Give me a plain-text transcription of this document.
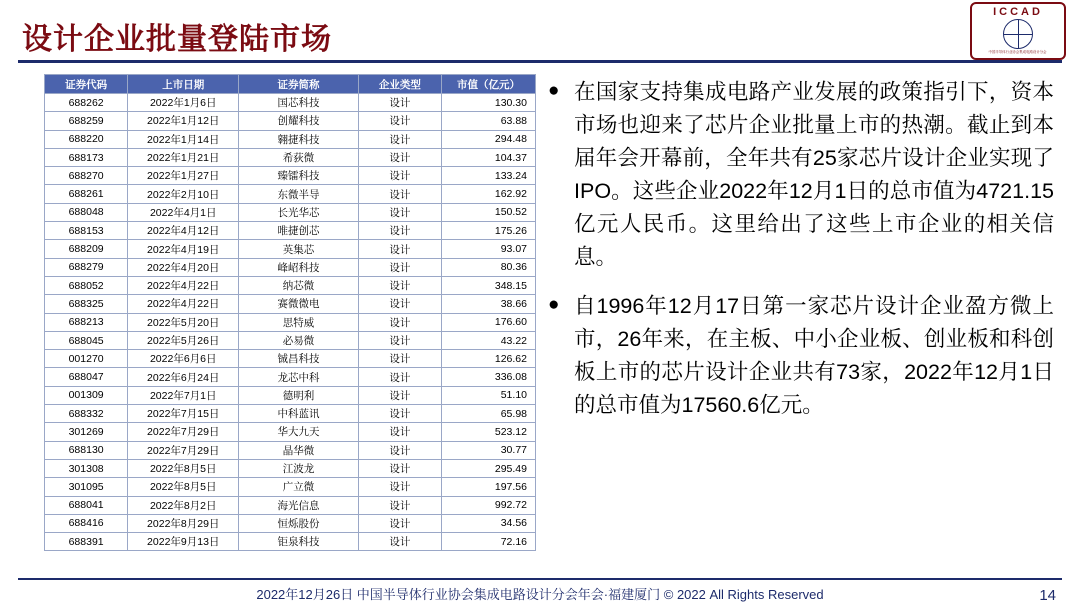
设计企业批量登陆市场
ICCAD
中国半导体行业协会集成电路设计分会
证券代码	上市日期	证券简称	企业类型	市值（亿元）
688262	2022年1月6日	国芯科技	设计	130.30
688259	2022年1月12日	创耀科技	设计	63.88
688220	2022年1月14日	翱捷科技	设计	294.48
688173	2022年1月21日	希荻微	设计	104.37
688270	2022年1月27日	臻镭科技	设计	133.24
688261	2022年2月10日	东微半导	设计	162.92
688048	2022年4月1日	长光华芯	设计	150.52
688153	2022年4月12日	唯捷创芯	设计	175.26
688209	2022年4月19日	英集芯	设计	93.07
688279	2022年4月20日	峰岹科技	设计	80.36
688052	2022年4月22日	纳芯微	设计	348.15
688325	2022年4月22日	赛微微电	设计	38.66
688213	2022年5月20日	思特威	设计	176.60
688045	2022年5月26日	必易微	设计	43.22
001270	2022年6月6日	铖昌科技	设计	126.62
688047	2022年6月24日	龙芯中科	设计	336.08
001309	2022年7月1日	德明利	设计	51.10
688332	2022年7月15日	中科蓝讯	设计	65.98
301269	2022年7月29日	华大九天	设计	523.12
688130	2022年7月29日	晶华微	设计	30.77
301308	2022年8月5日	江波龙	设计	295.49
301095	2022年8月5日	广立微	设计	197.56
688041	2022年8月2日	海光信息	设计	992.72
688416	2022年8月29日	恒烁股份	设计	34.56
688391	2022年9月13日	钜泉科技	设计	72.16
● 在国家支持集成电路产业发展的政策指引下，资本市场也迎来了芯片企业批量上市的热潮。截止到本届年会开幕前，全年共有25家芯片设计企业实现了IPO。这些企业2022年12月1日的总市值为4721.15亿元人民币。这里给出了这些上市企业的相关信息。
● 自1996年12月17日第一家芯片设计企业盈方微上市，26年来，在主板、中小企业板、创业板和科创板上市的芯片设计企业共有73家，2022年12月1日的总市值为17560.6亿元。
2022年12月26日 中国半导体行业协会集成电路设计分会年会·福建厦门 © 2022 All Rights Reserved	14
